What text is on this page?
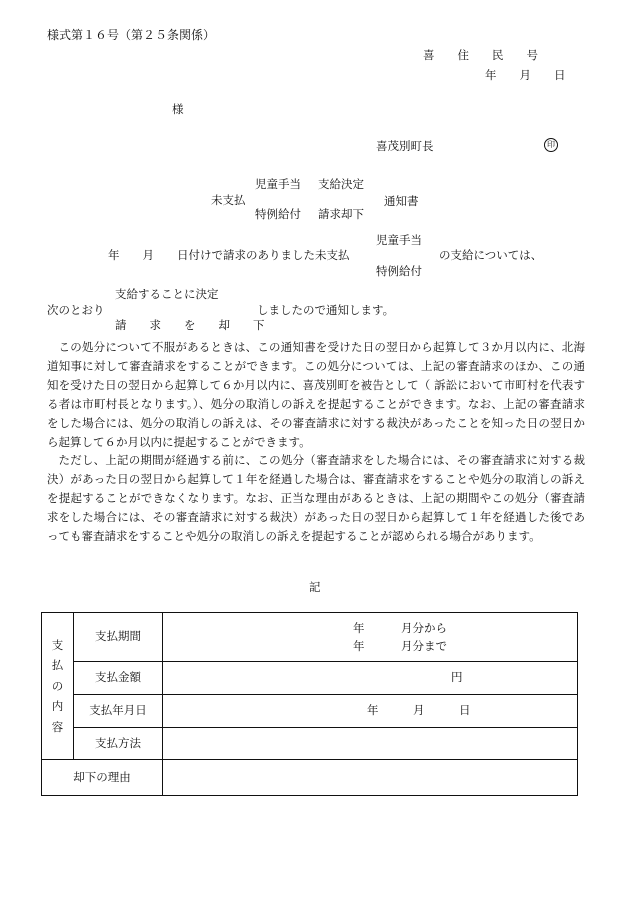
様式第１６号（第２５条関係）
喜　　住　　民　　号
年　　月　　日
様
喜茂別町長	印
未支払
児童手当
特例給付
支給決定
請求却下
通知書
年　　月　　日付けで請求のありました未支払
児童手当
特例給付
の支給については、
次のとおり
支給することに決定
請　　求　　を　　却　　下
しましたので通知します。

この処分について不服があるときは、この通知書を受けた日の翌日から起算して３か月以内に、北海道知事に対して審査請求をすることができます。この処分については、上記の審査請求のほか、この通知を受けた日の翌日から起算して６か月以内に、喜茂別町を被告として（ 訴訟において市町村を代表する者は市町村長となります。）、処分の取消しの訴えを提起することができます。なお、上記の審査請求をした場合には、処分の取消しの訴えは、その審査請求に対する裁決があったことを知った日の翌日から起算して６か月以内に提起することができます。

ただし、上記の期間が経過する前に、この処分（審査請求をした場合には、その審査請求に対する裁決）があった日の翌日から起算して１年を経過した場合は、審査請求をすることや処分の取消しの訴えを提起することができなくなります。なお、正当な理由があるときは、上記の期間やこの処分（審査請求をした場合には、その審査請求に対する裁決）があった日の翌日から起算して１年を経過した後であっても審査請求をすることや処分の取消しの訴えを提起することが認められる場合があります。

記
支
払
の
内
容	支払期間	年 月分から
年 月分まで

	支払金額	円

	支払年月日	年　　　月　　　日

	支払方法	
却下の理由		
